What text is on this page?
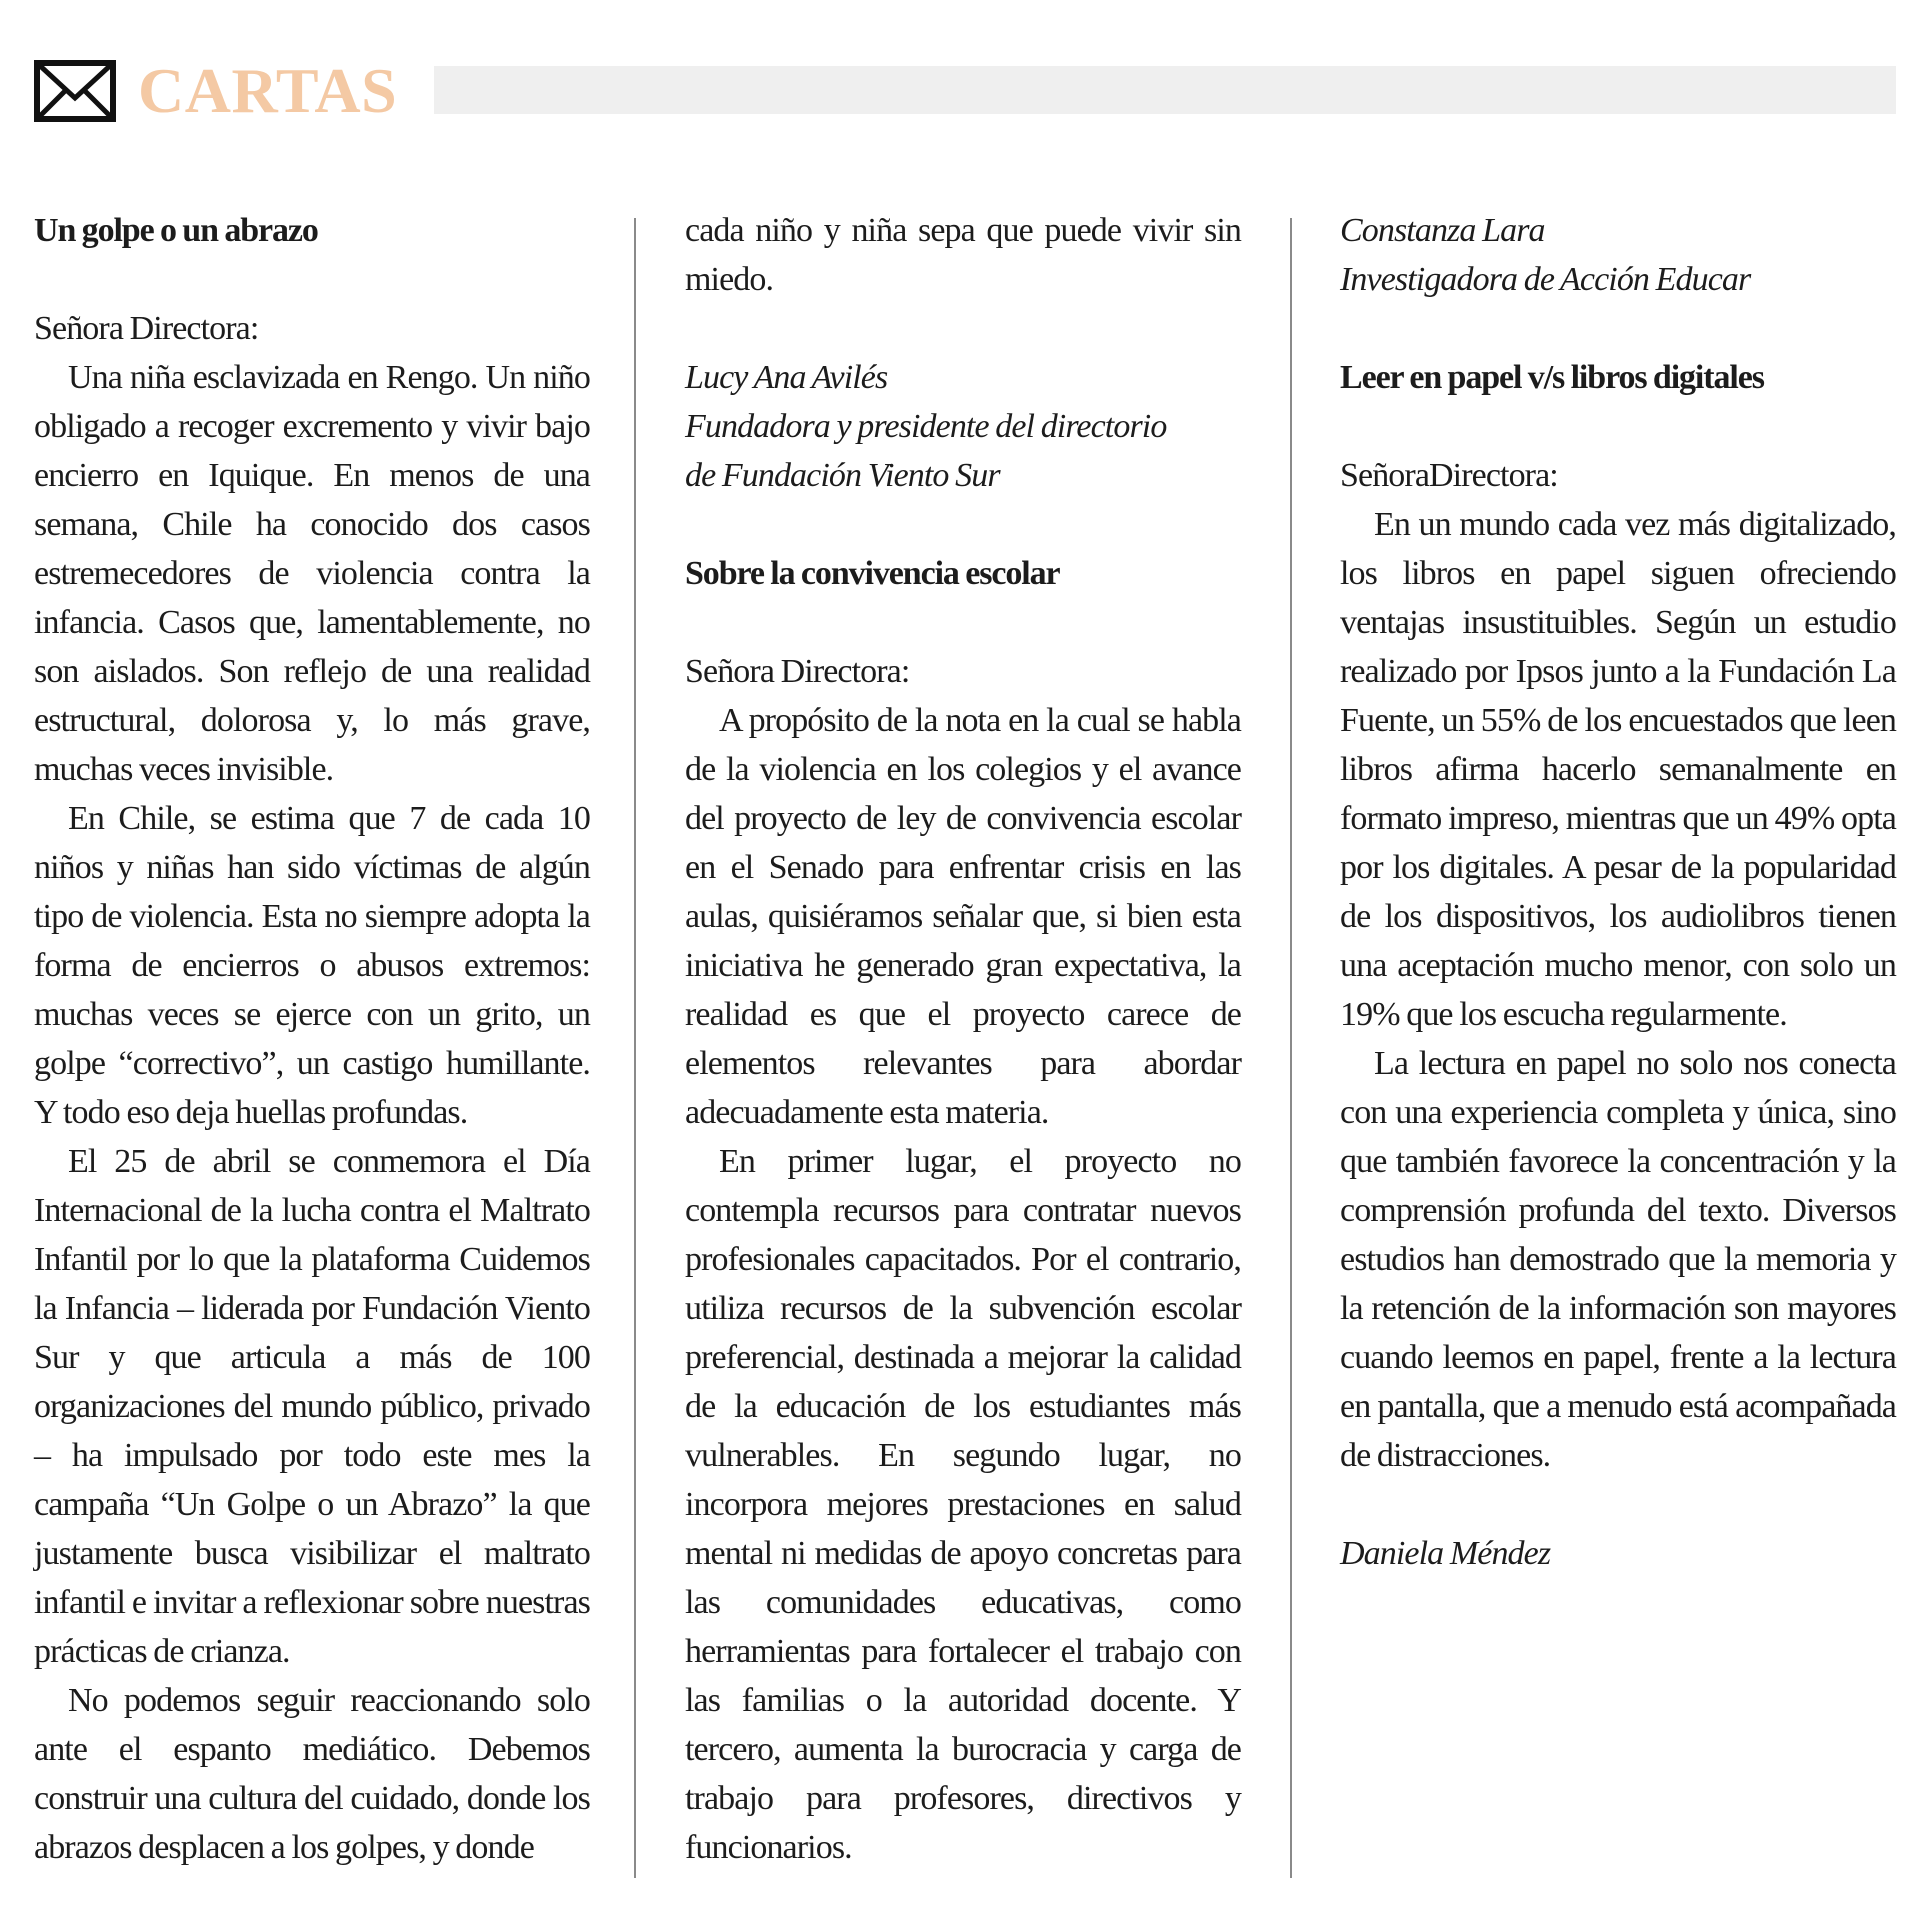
CARTAS

Un golpe o un abrazo

Señora Directora:

Una niña esclavizada en Rengo. Un niño obligado a recoger excremento y vivir bajo encierro en Iquique. En menos de una semana, Chile ha conocido dos casos estremecedores de violencia contra la infancia. Casos que, lamentablemente, no son aislados. Son reflejo de una realidad estructural, dolorosa y, lo más grave, muchas veces invisible.

En Chile, se estima que 7 de cada 10 niños y niñas han sido víctimas de algún tipo de violencia. Esta no siempre adopta la forma de encierros o abusos extremos: muchas veces se ejerce con un grito, un golpe “correctivo”, un castigo humillante. Y todo eso deja huellas profundas.

El 25 de abril se conmemora el Día Internacional de la lucha contra el Maltrato Infantil por lo que la plataforma Cuidemos la Infancia – liderada por Fundación Viento Sur y que articula a más de 100 organizaciones del mundo público, privado – ha impulsado por todo este mes la campaña “Un Golpe o un Abrazo” la que justamente busca visibilizar el maltrato infantil e invitar a reflexionar sobre nuestras prácticas de crianza.

No podemos seguir reaccionando solo ante el espanto mediático. Debemos construir una cultura del cuidado, donde los abrazos desplacen a los golpes, y donde

cada niño y niña sepa que puede vivir sin miedo.

Lucy Ana Avilés

Fundadora y presidente del directorio

de Fundación Viento Sur

Sobre la convivencia escolar

Señora Directora:

A propósito de la nota en la cual se habla de la violencia en los colegios y el avance del proyecto de ley de convivencia escolar en el Senado para enfrentar crisis en las aulas, quisiéramos señalar que, si bien esta iniciativa he generado gran expectativa, la realidad es que el proyecto carece de elementos relevantes para abordar adecuadamente esta materia.

En primer lugar, el proyecto no contempla recursos para contratar nuevos profesionales capacitados. Por el contrario, utiliza recursos de la subvención escolar preferencial, destinada a mejorar la calidad de la educación de los estudiantes más vulnerables. En segundo lugar, no incorpora mejores prestaciones en salud mental ni medidas de apoyo concretas para las comunidades educativas, como herramientas para fortalecer el trabajo con las familias o la autoridad docente. Y tercero, aumenta la burocracia y carga de trabajo para profesores, directivos y funcionarios.

Constanza Lara

Investigadora de Acción Educar

Leer en papel v/s libros digitales

SeñoraDirectora:

En un mundo cada vez más digitalizado, los libros en papel siguen ofreciendo ventajas insustituibles. Según un estudio realizado por Ipsos junto a la Fundación La Fuente, un 55% de los encuestados que leen libros afirma hacerlo semanalmente en formato impreso, mientras que un 49% opta por los digitales. A pesar de la popularidad de los dispositivos, los audiolibros tienen una aceptación mucho menor, con solo un 19% que los escucha regularmente.

La lectura en papel no solo nos conecta con una experiencia completa y única, sino que también favorece la concentración y la comprensión profunda del texto. Diversos estudios han demostrado que la memoria y la retención de la información son mayores cuando leemos en papel, frente a la lectura en pantalla, que a menudo está acompañada de distracciones.

Daniela Méndez
